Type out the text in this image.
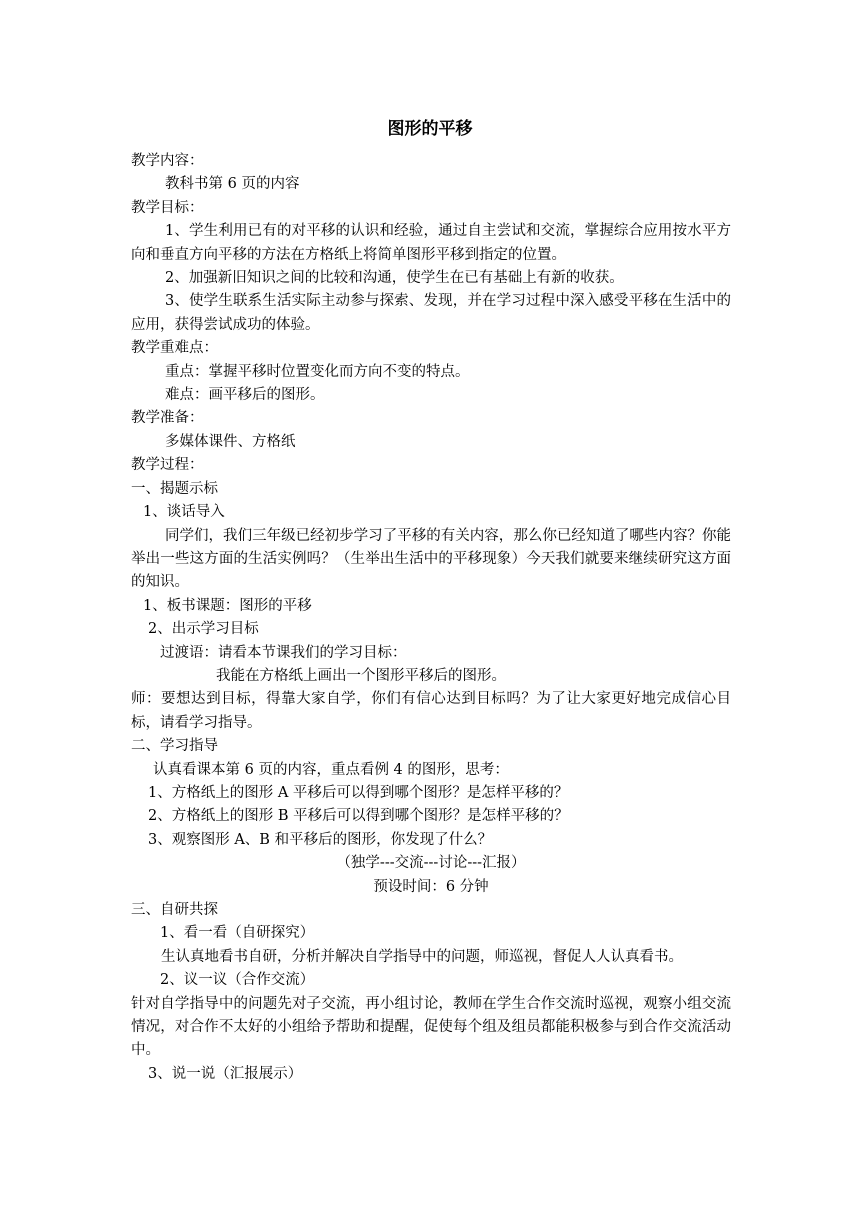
图形的平移
教学内容：
教科书第 6 页的内容
教学目标：
1、学生利用已有的对平移的认识和经验，通过自主尝试和交流，掌握综合应用按水平方向和垂直方向平移的方法在方格纸上将简单图形平移到指定的位置。
2、加强新旧知识之间的比较和沟通，使学生在已有基础上有新的收获。
3、使学生联系生活实际主动参与探索、发现，并在学习过程中深入感受平移在生活中的应用，获得尝试成功的体验。
教学重难点：
重点：掌握平移时位置变化而方向不变的特点。
难点：画平移后的图形。
教学准备：
多媒体课件、方格纸
教学过程：
一、揭题示标
1、谈话导入
同学们，我们三年级已经初步学习了平移的有关内容，那么你已经知道了哪些内容？你能举出一些这方面的生活实例吗？（生举出生活中的平移现象）今天我们就要来继续研究这方面的知识。
1、板书课题：图形的平移
2、出示学习目标
过渡语：请看本节课我们的学习目标：
我能在方格纸上画出一个图形平移后的图形。
师：要想达到目标，得靠大家自学，你们有信心达到目标吗？为了让大家更好地完成信心目标，请看学习指导。
二、学习指导
认真看课本第 6 页的内容，重点看例 4 的图形，思考：
1、方格纸上的图形 A 平移后可以得到哪个图形？是怎样平移的？
2、方格纸上的图形 B 平移后可以得到哪个图形？是怎样平移的？
3、观察图形 A、B 和平移后的图形，你发现了什么？
（独学---交流---讨论---汇报）
预设时间：6 分钟
三、自研共探
1、看一看（自研探究）
生认真地看书自研，分析并解决自学指导中的问题，师巡视，督促人人认真看书。
2、议一议（合作交流）
针对自学指导中的问题先对子交流，再小组讨论，教师在学生合作交流时巡视，观察小组交流情况，对合作不太好的小组给予帮助和提醒，促使每个组及组员都能积极参与到合作交流活动中。
3、说一说（汇报展示）
